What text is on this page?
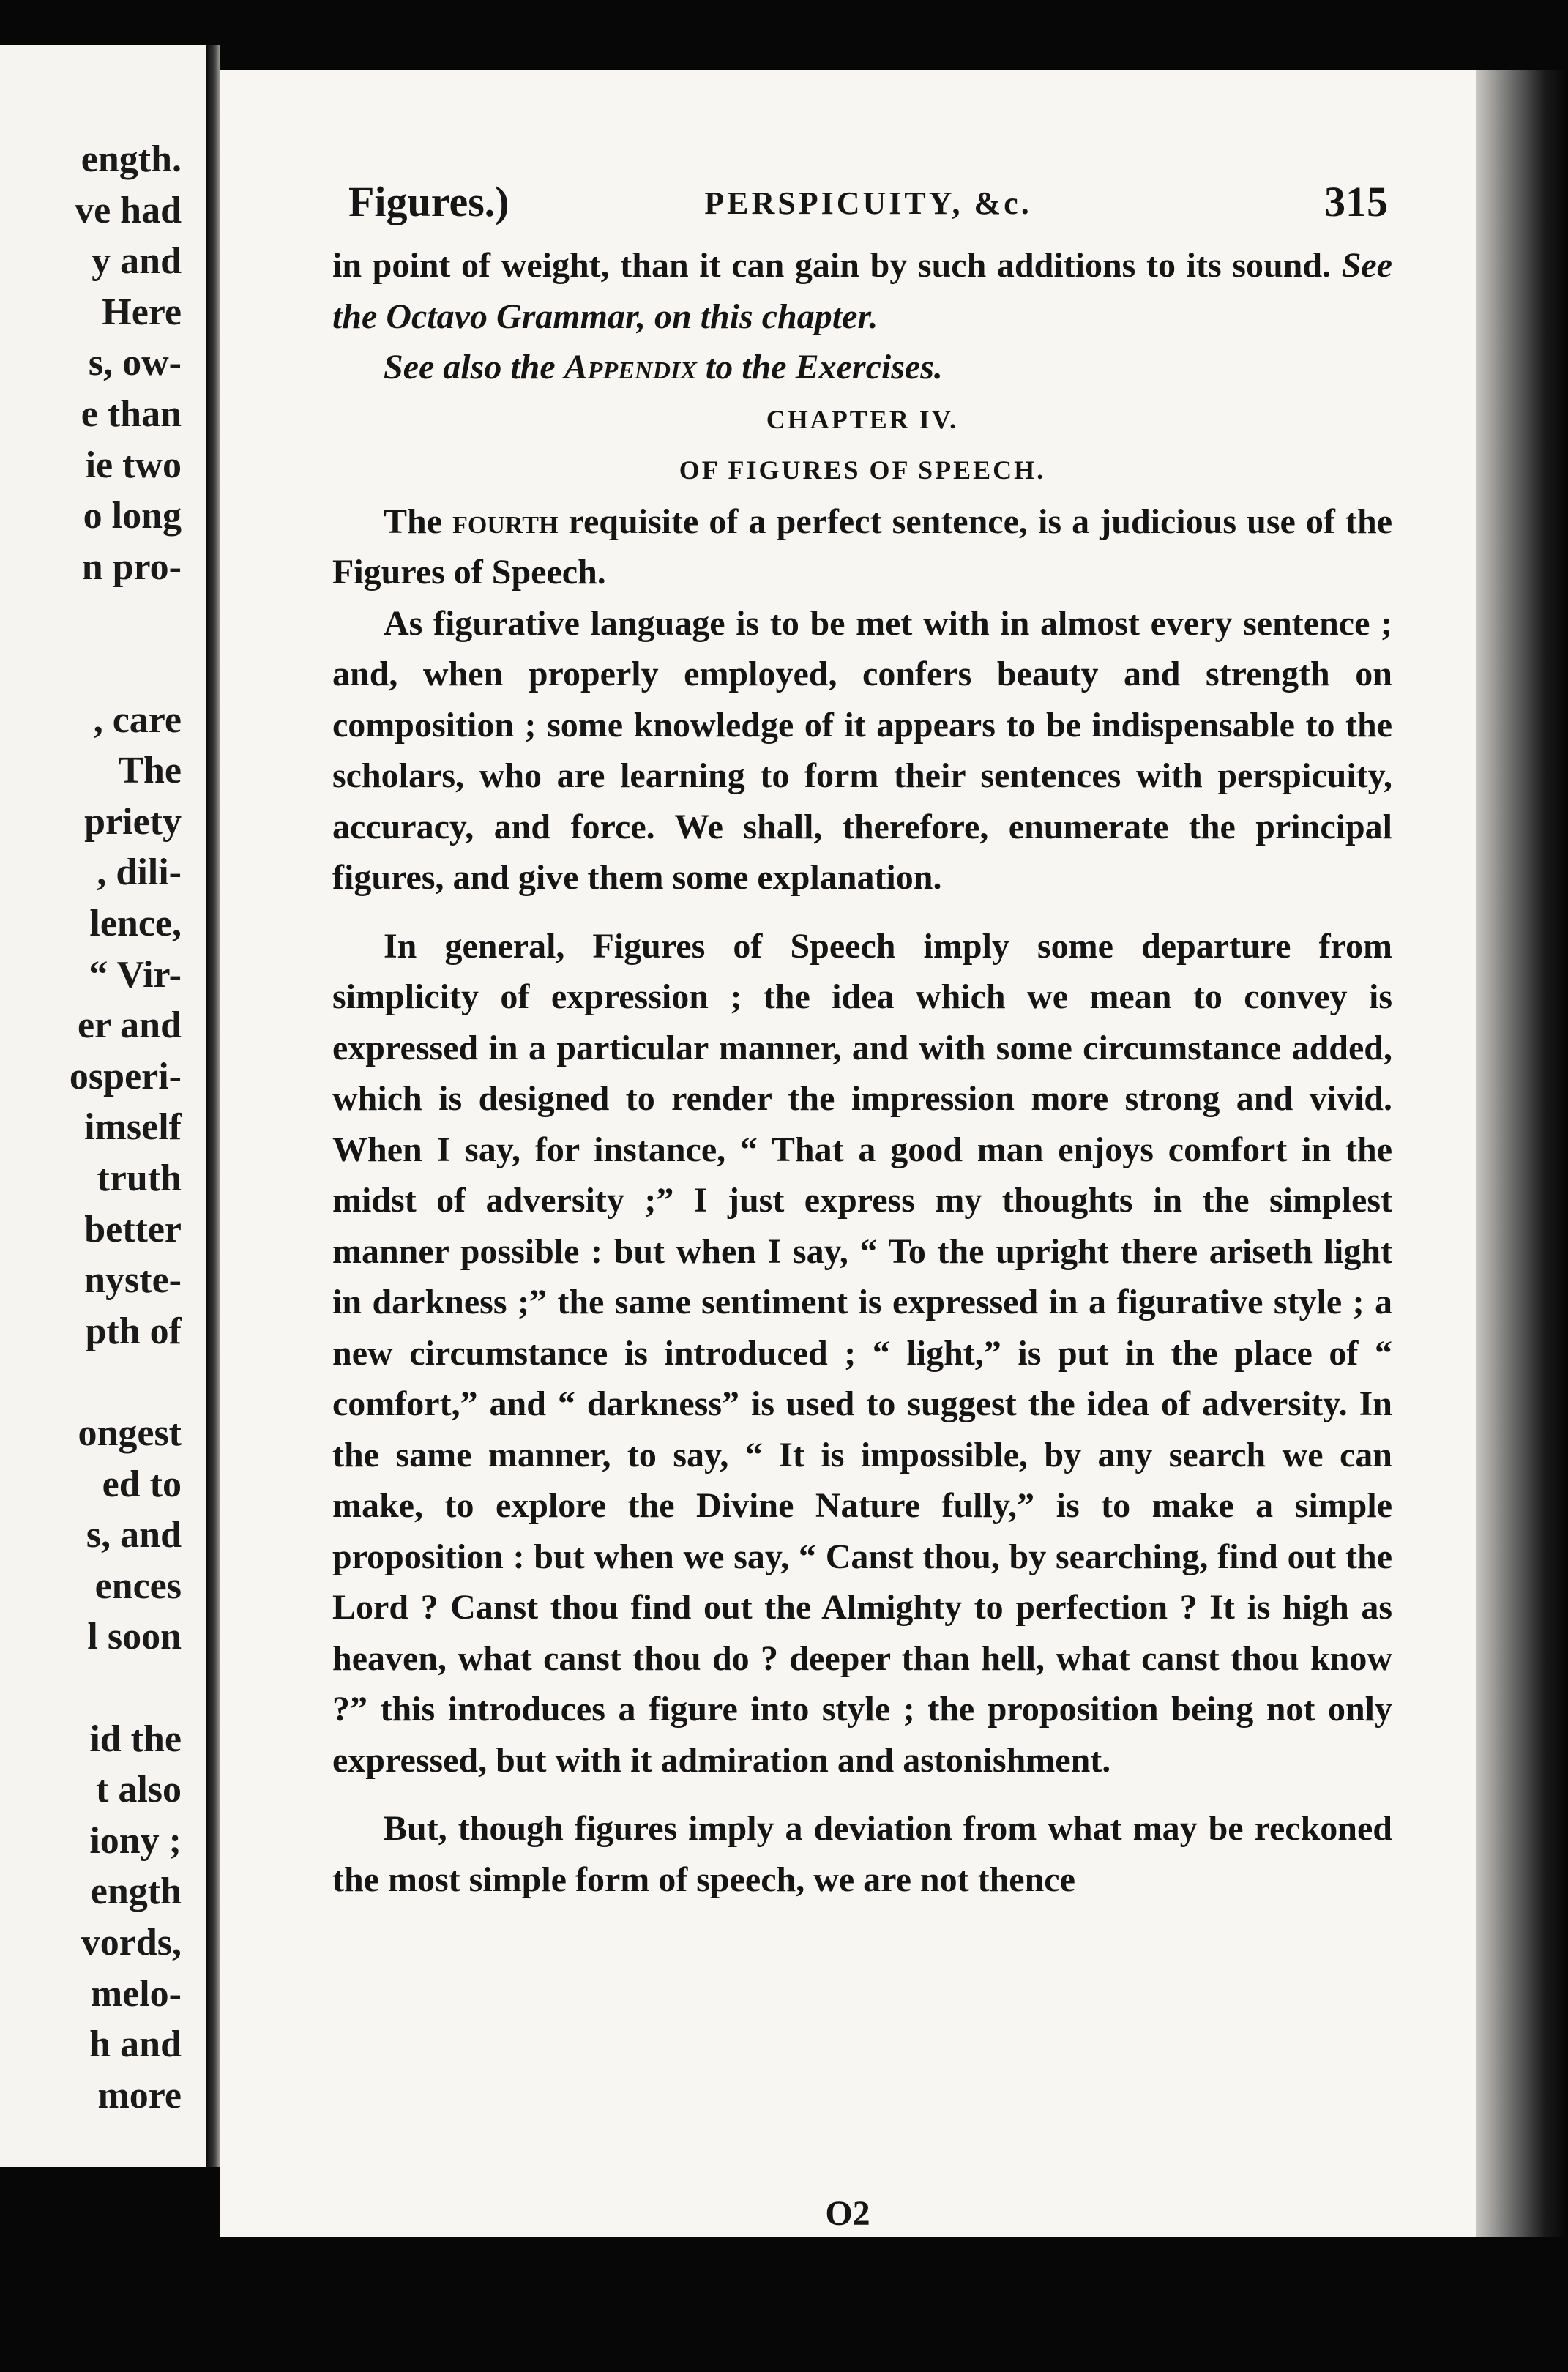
ength.
ve had
y and
Here
s, ow-
e than
ie two
o long
n pro-
, care
The
priety
, dili-
lence,
“ Vir-
er and
osperi-
imself
truth
better
nyste-
pth of
ongest
ed to
s, and
ences
l soon
id the
t also
iony ;
ength
vords,
melo-
h and
more
Figures.)	PERSPICUITY, &c.	315

in point of weight, than it can gain by such additions to its sound. See the Octavo Grammar, on this chapter.

See also the Appendix to the Exercises.

CHAPTER IV.

OF FIGURES OF SPEECH.

The fourth requisite of a perfect sentence, is a judicious use of the Figures of Speech.

As figurative language is to be met with in almost every sentence ; and, when properly employed, confers beauty and strength on composition ; some knowledge of it appears to be indispensable to the scholars, who are learning to form their sentences with perspicuity, accuracy, and force. We shall, therefore, enumerate the principal figures, and give them some explanation.

In general, Figures of Speech imply some departure from simplicity of expression ; the idea which we mean to convey is expressed in a particular manner, and with some circumstance added, which is designed to render the impression more strong and vivid. When I say, for instance, “ That a good man enjoys comfort in the midst of adversity ;” I just express my thoughts in the simplest manner possible : but when I say, “ To the upright there ariseth light in darkness ;” the same sentiment is expressed in a figurative style ; a new circumstance is introduced ; “ light,” is put in the place of “ comfort,” and “ darkness” is used to suggest the idea of adversity. In the same manner, to say, “ It is impossible, by any search we can make, to explore the Divine Nature fully,” is to make a simple proposition : but when we say, “ Canst thou, by searching, find out the Lord ? Canst thou find out the Almighty to perfection ? It is high as heaven, what canst thou do ? deeper than hell, what canst thou know ?” this introduces a figure into style ; the proposition being not only expressed, but with it admiration and astonishment.

But, though figures imply a deviation from what may be reckoned the most simple form of speech, we are not thence

O2
